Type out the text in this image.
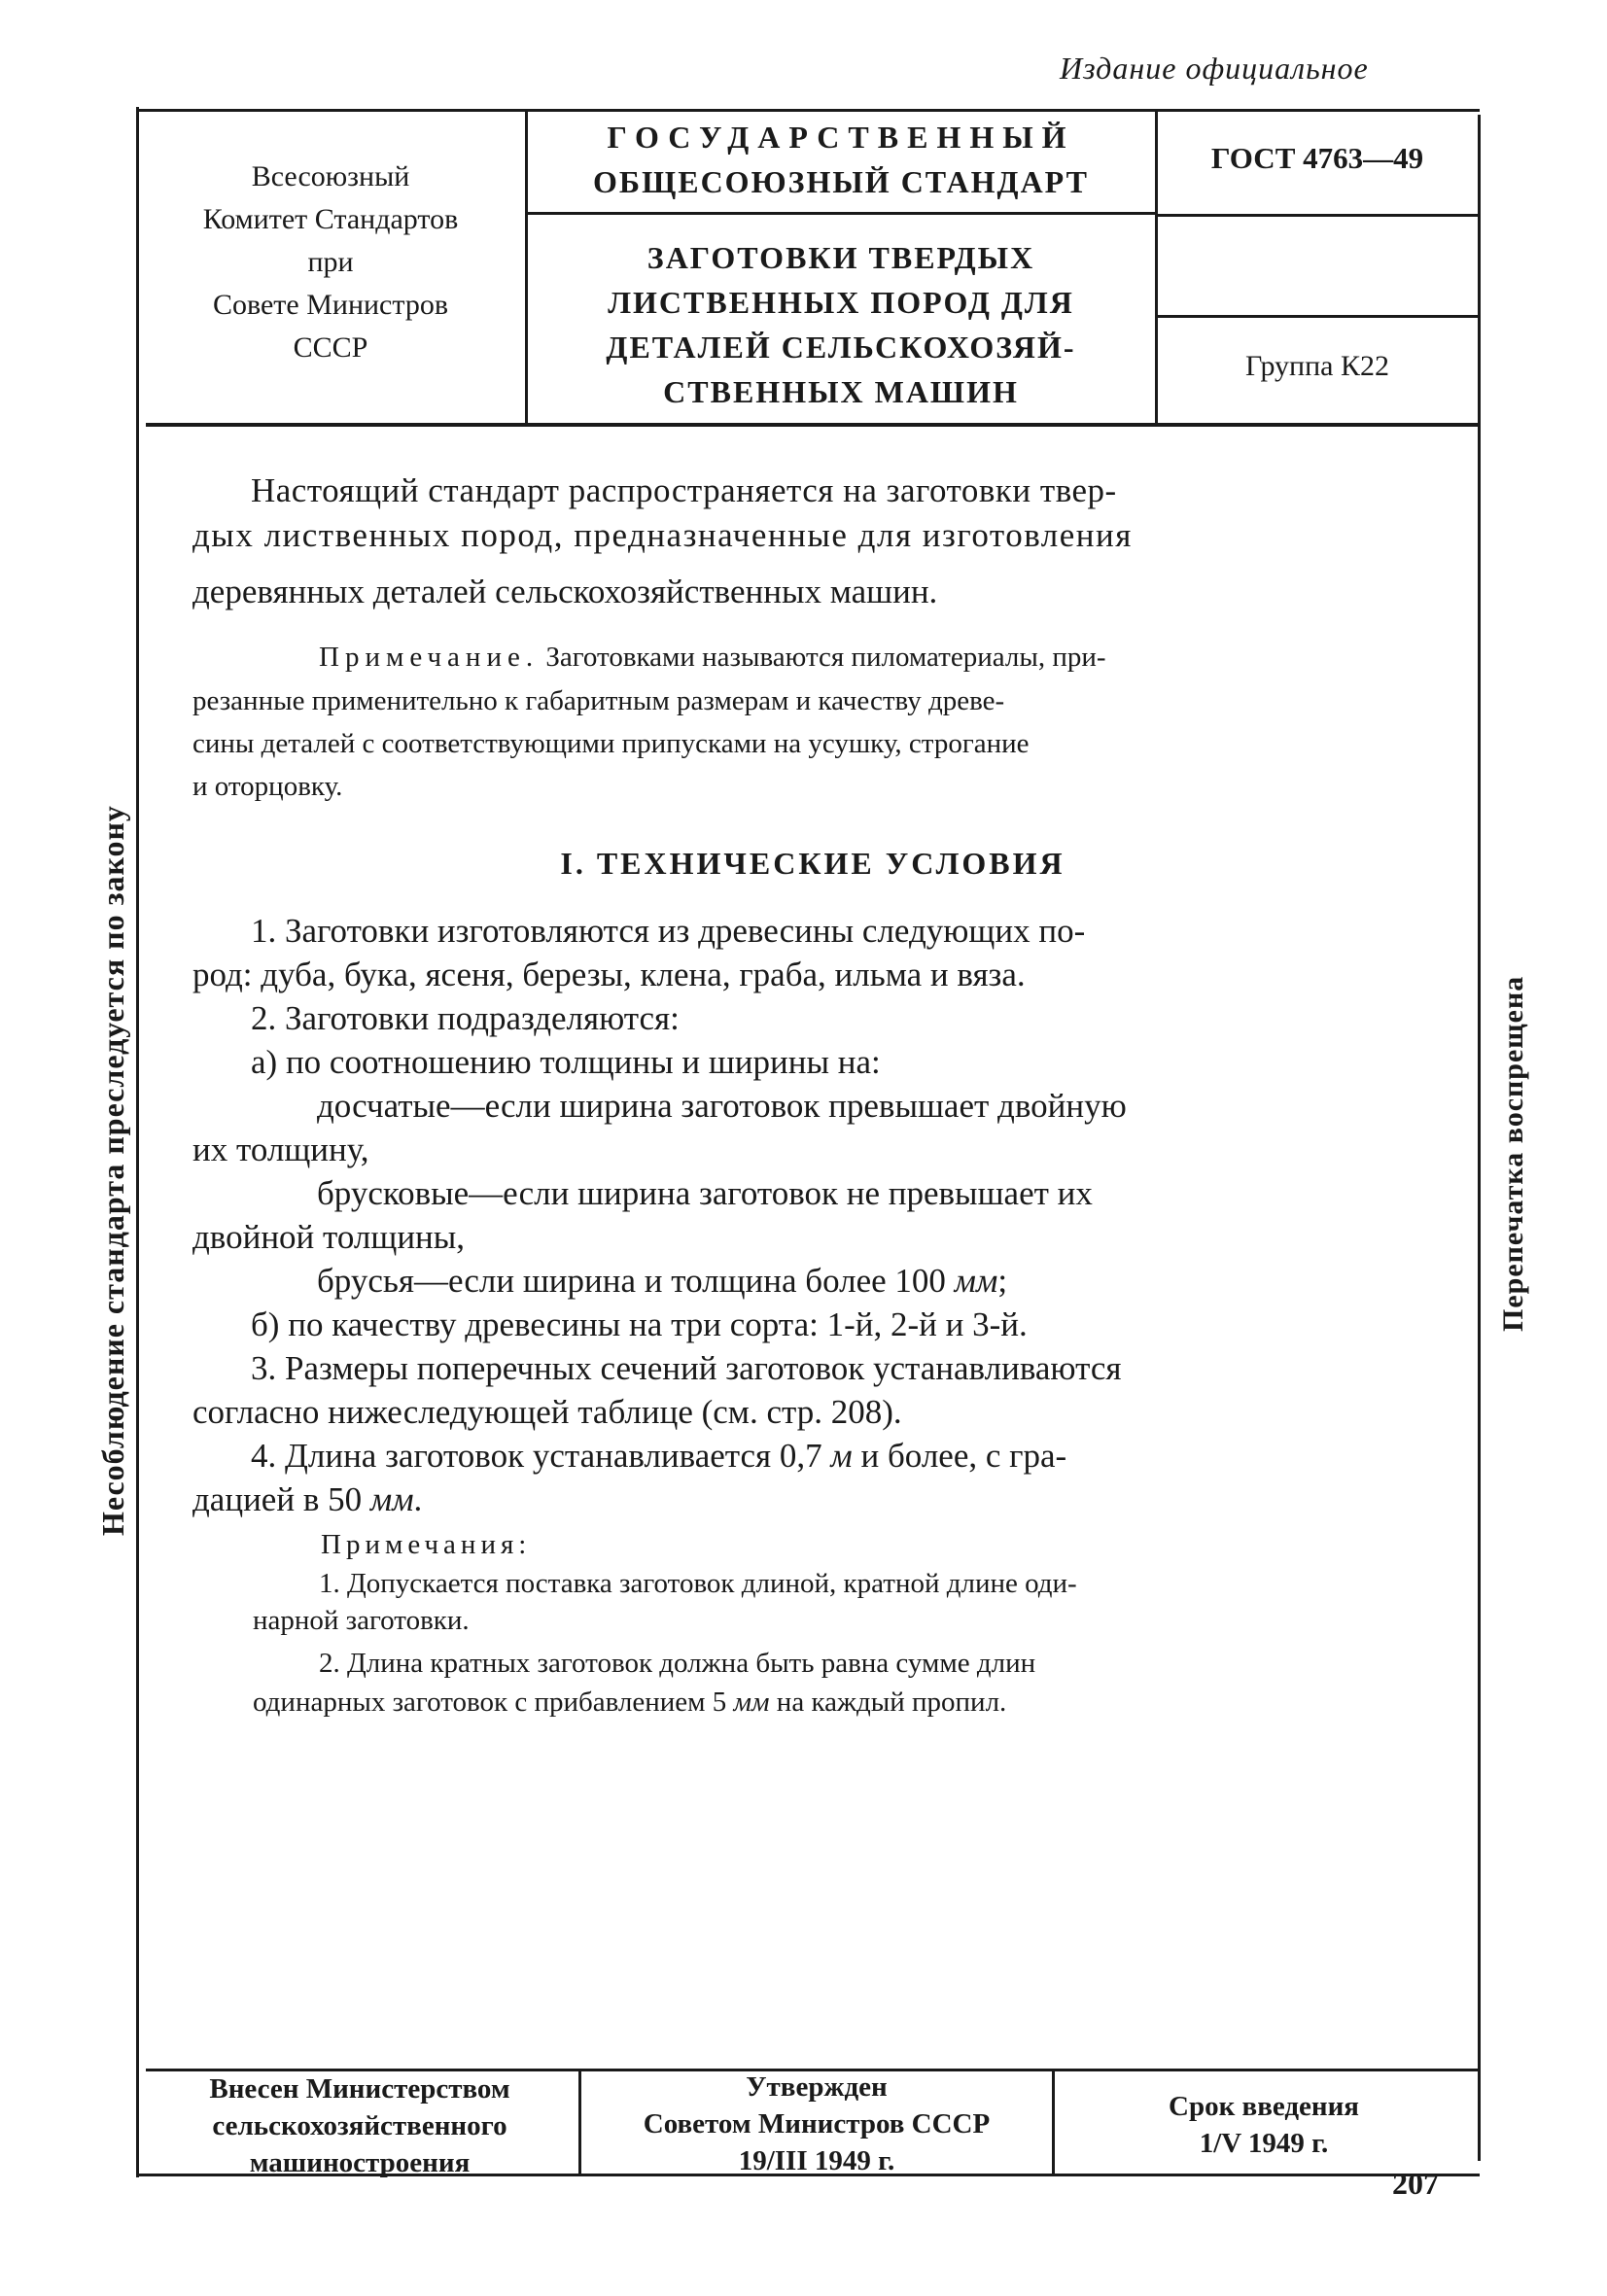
Издание официальное
Всесоюзный
Комитет Стандартов
при
Совете Министров
СССР
ГОСУДАРСТВЕННЫЙ
ОБЩЕСОЮЗНЫЙ СТАНДАРТ
ЗАГОТОВКИ ТВЕРДЫХ
ЛИСТВЕННЫХ ПОРОД ДЛЯ
ДЕТАЛЕЙ СЕЛЬСКОХОЗЯЙ-
СТВЕННЫХ МАШИН
ГОСТ 4763—49
Группа К22
Настоящий стандарт распространяется на заготовки твер-
дых лиственных пород, предназначенные для изготовления
деревянных деталей сельскохозяйственных машин.
Примечание. Заготовками называются пиломатериалы, при-
резанные применительно к габаритным размерам и качеству древе-
сины деталей с соответствующими припусками на усушку, строгание
и оторцовку.
I. ТЕХНИЧЕСКИЕ УСЛОВИЯ
1. Заготовки изготовляются из древесины следующих по-
род: дуба, бука, ясеня, березы, клена, граба, ильма и вяза.
2. Заготовки подразделяются:
а) по соотношению толщины и ширины на:
досчатые—если ширина заготовок превышает двойную
их толщину,
брусковые—если ширина заготовок не превышает их
двойной толщины,
брусья—если ширина и толщина более 100 мм;
б) по качеству древесины на три сорта: 1-й, 2-й и 3-й.
3. Размеры поперечных сечений заготовок устанавливаются
согласно нижеследующей таблице (см. стр. 208).
4. Длина заготовок устанавливается 0,7 м и более, с гра-
дацией в 50 мм.
Примечания:
1. Допускается поставка заготовок длиной, кратной длине оди-
нарной заготовки.
2. Длина кратных заготовок должна быть равна сумме длин
одинарных заготовок с прибавлением 5 мм на каждый пропил.
Несоблюдение стандарта преследуется по закону	Перепечатка воспрещена
Внесен Министерством
сельскохозяйственного
машиностроения
Утвержден
Советом Министров СССР
19/III 1949 г.
Срок введения
1/V 1949 г.
207
